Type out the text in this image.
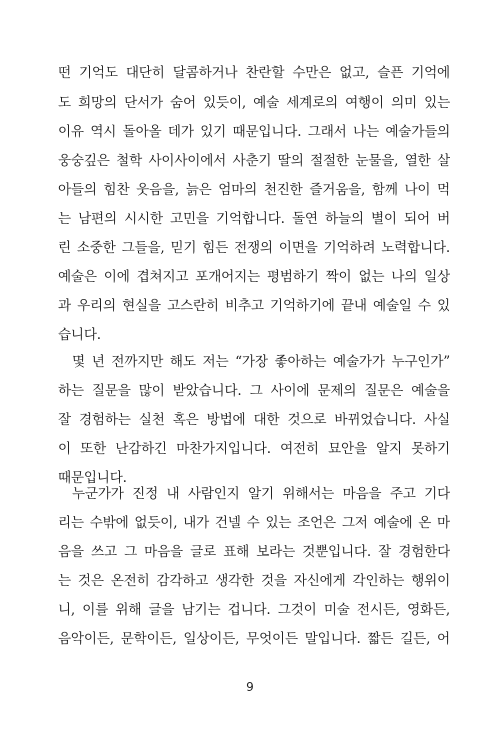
떤 기억도 대단히 달콤하거나 찬란할 수만은 없고, 슬픈 기억에
도 희망의 단서가 숨어 있듯이, 예술 세계로의 여행이 의미 있는
이유 역시 돌아올 데가 있기 때문입니다. 그래서 나는 예술가들의
웅숭깊은 철학 사이사이에서 사춘기 딸의 절절한 눈물을, 열한 살
아들의 힘찬 웃음을, 늙은 엄마의 천진한 즐거움을, 함께 나이 먹
는 남편의 시시한 고민을 기억합니다. 돌연 하늘의 별이 되어 버
린 소중한 그들을, 믿기 힘든 전쟁의 이면을 기억하려 노력합니다.
예술은 이에 겹쳐지고 포개어지는 평범하기 짝이 없는 나의 일상
과 우리의 현실을 고스란히 비추고 기억하기에 끝내 예술일 수 있
습니다.
몇 년 전까지만 해도 저는 “가장 좋아하는 예술가가 누구인가”
하는 질문을 많이 받았습니다. 그 사이에 문제의 질문은 예술을
잘 경험하는 실천 혹은 방법에 대한 것으로 바뀌었습니다. 사실
이 또한 난감하긴 마찬가지입니다. 여전히 묘안을 알지 못하기
때문입니다.
누군가가 진정 내 사람인지 알기 위해서는 마음을 주고 기다
리는 수밖에 없듯이, 내가 건넬 수 있는 조언은 그저 예술에 온 마
음을 쓰고 그 마음을 글로 표해 보라는 것뿐입니다. 잘 경험한다
는 것은 온전히 감각하고 생각한 것을 자신에게 각인하는 행위이
니, 이를 위해 글을 남기는 겁니다. 그것이 미술 전시든, 영화든,
음악이든, 문학이든, 일상이든, 무엇이든 말입니다. 짧든 길든, 어
9
